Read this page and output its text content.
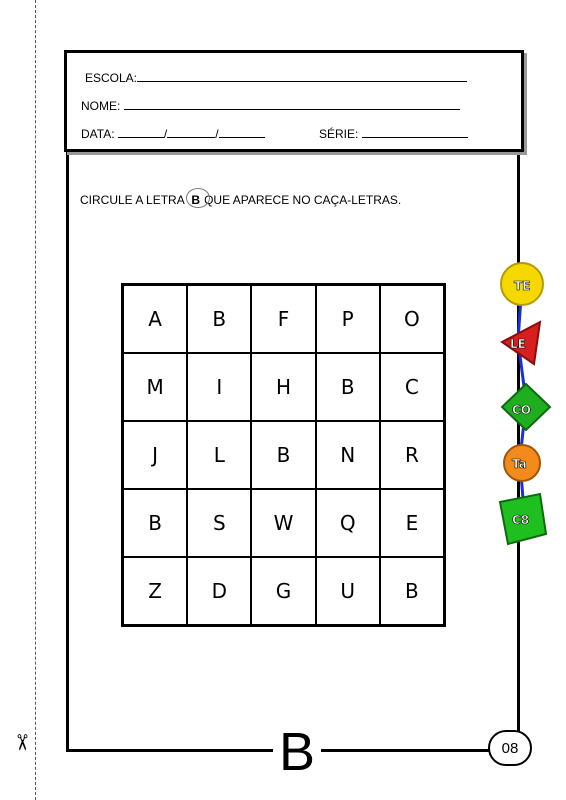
✂
ESCOLA:
NOME:
DATA:	/	/	SÉRIE:
CIRCULE A LETRA B QUE APARECE NO CAÇA-LETRAS.
A	B	F	P	O
M	I	H	B	C
J	L	B	N	R
B	S	W	Q	E
Z	D	G	U	B
B	08
TE
LE
CO
Ta
C8
